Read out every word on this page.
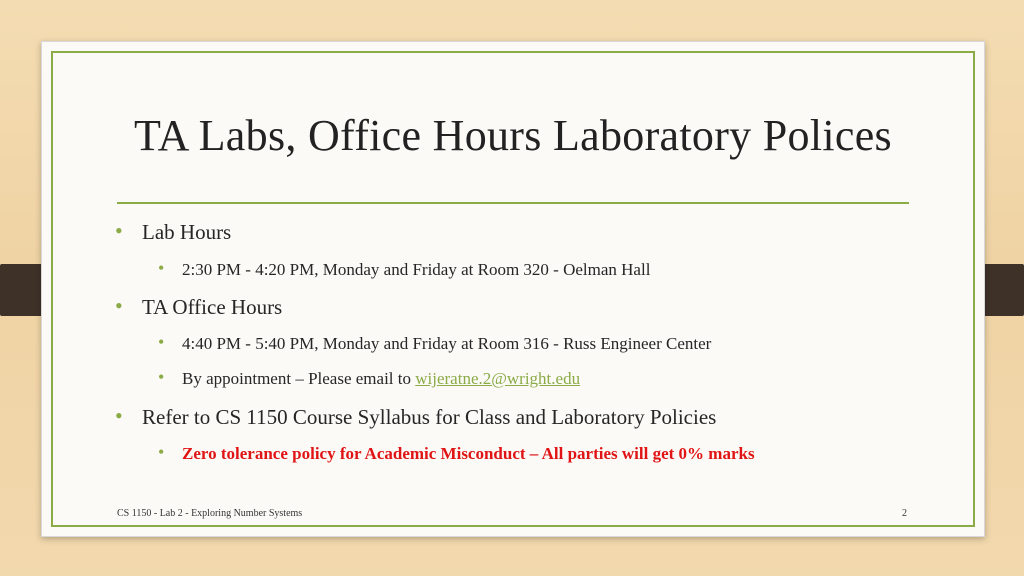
TA Labs, Office Hours Laboratory Polices
• Lab Hours
• 2:30 PM - 4:20 PM, Monday and Friday at Room 320 - Oelman Hall
• TA Office Hours
• 4:40 PM - 5:40 PM, Monday and Friday at Room 316 - Russ Engineer Center
• By appointment – Please email to wijeratne.2@wright.edu
• Refer to CS 1150 Course Syllabus for Class and Laboratory Policies
• Zero tolerance policy for Academic Misconduct – All parties will get 0% marks
CS 1150 - Lab 2 - Exploring Number Systems	2
